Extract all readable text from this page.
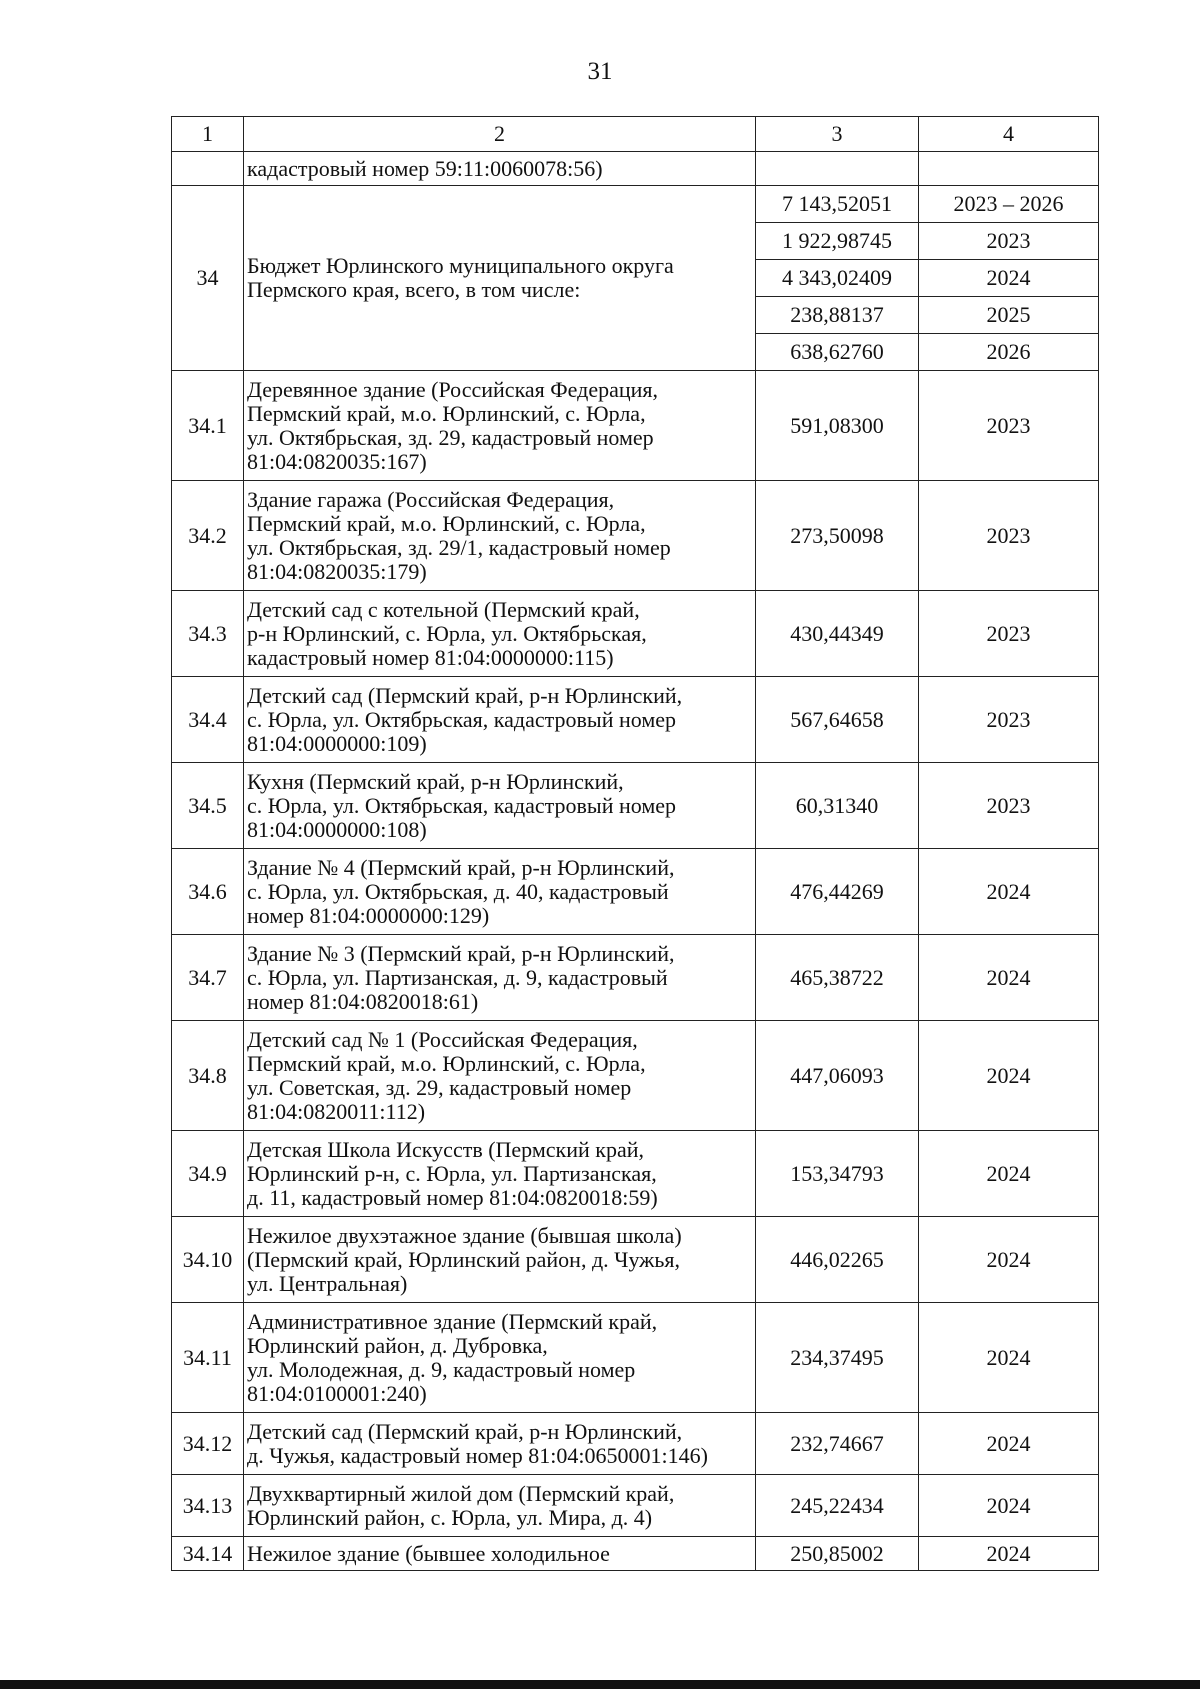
31
1	2	3	4

	кадастровый номер 59:11:0060078:56)		

34	Бюджет Юрлинского муниципального округа
Пермского края, всего, в том числе:	7 143,52051	2023 – 2026
		1 922,98745	2023
		4 343,02409	2024
		238,88137	2025
		638,62760	2026
34.1	Деревянное здание (Российская Федерация,
Пермский край, м.о. Юрлинский, с. Юрла,
ул. Октябрьская, зд. 29, кадастровый номер
81:04:0820035:167)	591,08300	2023
34.2	Здание гаража (Российская Федерация,
Пермский край, м.о. Юрлинский, с. Юрла,
ул. Октябрьская, зд. 29/1, кадастровый номер
81:04:0820035:179)	273,50098	2023
34.3	Детский сад с котельной (Пермский край,
р-н Юрлинский, с. Юрла, ул. Октябрьская,
кадастровый номер 81:04:0000000:115)	430,44349	2023
34.4	Детский сад (Пермский край, р-н Юрлинский,
с. Юрла, ул. Октябрьская, кадастровый номер
81:04:0000000:109)	567,64658	2023
34.5	Кухня (Пермский край, р-н Юрлинский,
с. Юрла, ул. Октябрьская, кадастровый номер
81:04:0000000:108)	60,31340	2023
34.6	Здание № 4 (Пермский край, р-н Юрлинский,
с. Юрла, ул. Октябрьская, д. 40, кадастровый
номер 81:04:0000000:129)	476,44269	2024
34.7	Здание № 3 (Пермский край, р-н Юрлинский,
с. Юрла, ул. Партизанская, д. 9, кадастровый
номер 81:04:0820018:61)	465,38722	2024
34.8	Детский сад № 1 (Российская Федерация,
Пермский край, м.о. Юрлинский, с. Юрла,
ул. Советская, зд. 29, кадастровый номер
81:04:0820011:112)	447,06093	2024
34.9	Детская Школа Искусств (Пермский край,
Юрлинский р-н, с. Юрла, ул. Партизанская,
д. 11, кадастровый номер 81:04:0820018:59)	153,34793	2024
34.10	Нежилое двухэтажное здание (бывшая школа)
(Пермский край, Юрлинский район, д. Чужья,
ул. Центральная)	446,02265	2024
34.11	Административное здание (Пермский край,
Юрлинский район, д. Дубровка,
ул. Молодежная, д. 9, кадастровый номер
81:04:0100001:240)	234,37495	2024
34.12	Детский сад (Пермский край, р-н Юрлинский,
д. Чужья, кадастровый номер 81:04:0650001:146)	232,74667	2024
34.13	Двухквартирный жилой дом (Пермский край,
Юрлинский район, с. Юрла, ул. Мира, д. 4)	245,22434	2024
34.14	Нежилое здание (бывшее холодильное	250,85002	2024
